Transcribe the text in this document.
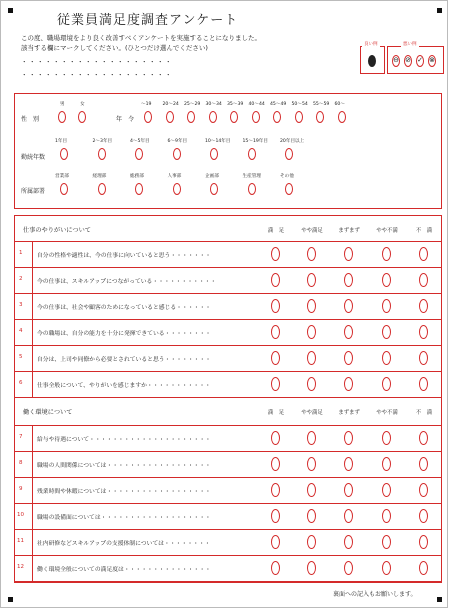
従業員満足度調査アンケート
この度、職場環境をより良く改善すべくアンケートを実施することになりました。
該当する欄にマークしてください。(ひとつだけ選んでください)
・・・・・・・・・・・・・・・・・・・
・・・・・・・・・・・・・・・・・・・
良い例
⊖ ⊘ ✓ ⊗
悪い例
性　別
男	女
年　令
〜19 20〜24 25〜29 30〜34 35〜39 40〜44 45〜49 50〜54 55〜59 60〜
勤続年数
1年目	2〜3年目	4〜5年目	6〜9年目	10〜14年目	15〜19年目	20年目以上
所属部署
営業部	経理部	総務部	人事部	企画部	生産管理	その他
仕事のやりがいについて	満　足	やや満足	まずまず	やや不満	不　満
1	自分の性格や適性は、今の仕事に向いていると思う・・・・・・・
2	今の仕事は、スキルアップにつながっている・・・・・・・・・・・
3	今の仕事は、社会や顧客のためになっていると感じる・・・・・・
4	今の職場は、自分の能力を十分に発揮できている・・・・・・・・
5	自分は、上司や同僚から必要とされていると思う・・・・・・・・
6	仕事全般について、やりがいを感じますか・・・・・・・・・・・
働く環境について	満　足	やや満足	まずまず	やや不満	不　満
7	給与や待遇について・・・・・・・・・・・・・・・・・・・・・
8	職場の人間関係については・・・・・・・・・・・・・・・・・・
9	残業時間や休暇については・・・・・・・・・・・・・・・・・・
10 職場の設備面については・・・・・・・・・・・・・・・・・・・
11 社内研修などスキルアップの支援体制については・・・・・・・・
12 働く環境全般についての満足度は・・・・・・・・・・・・・・・
裏面への記入もお願いします。
